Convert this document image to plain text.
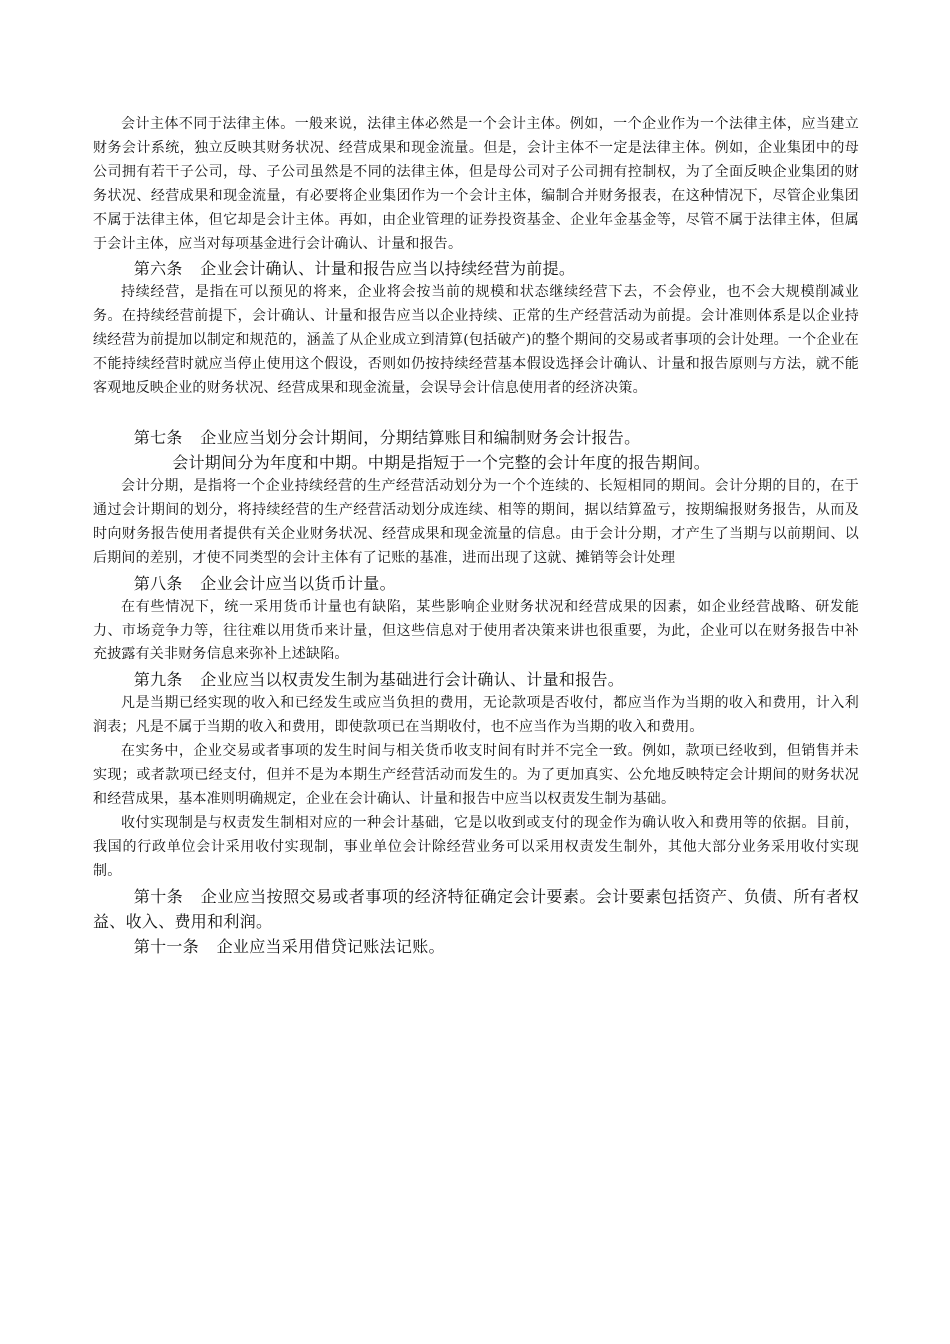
会计主体不同于法律主体。一般来说，法律主体必然是一个会计主体。例如，一个企业作为一个法律主体，应当建立财务会计系统，独立反映其财务状况、经营成果和现金流量。但是，会计主体不一定是法律主体。例如，企业集团中的母公司拥有若干子公司，母、子公司虽然是不同的法律主体，但是母公司对子公司拥有控制权，为了全面反映企业集团的财务状况、经营成果和现金流量，有必要将企业集团作为一个会计主体，编制合并财务报表，在这种情况下，尽管企业集团不属于法律主体，但它却是会计主体。再如，由企业管理的证券投资基金、企业年金基金等，尽管不属于法律主体，但属于会计主体，应当对每项基金进行会计确认、计量和报告。

第六条 企业会计确认、计量和报告应当以持续经营为前提。

持续经营，是指在可以预见的将来，企业将会按当前的规模和状态继续经营下去，不会停业，也不会大规模削减业务。在持续经营前提下，会计确认、计量和报告应当以企业持续、正常的生产经营活动为前提。会计准则体系是以企业持续经营为前提加以制定和规范的，涵盖了从企业成立到清算(包括破产)的整个期间的交易或者事项的会计处理。一个企业在不能持续经营时就应当停止使用这个假设，否则如仍按持续经营基本假设选择会计确认、计量和报告原则与方法，就不能客观地反映企业的财务状况、经营成果和现金流量，会误导会计信息使用者的经济决策。

第七条 企业应当划分会计期间，分期结算账目和编制财务会计报告。

会计期间分为年度和中期。中期是指短于一个完整的会计年度的报告期间。

会计分期，是指将一个企业持续经营的生产经营活动划分为一个个连续的、长短相同的期间。会计分期的目的，在于通过会计期间的划分，将持续经营的生产经营活动划分成连续、相等的期间，据以结算盈亏，按期编报财务报告，从而及时向财务报告使用者提供有关企业财务状况、经营成果和现金流量的信息。由于会计分期，才产生了当期与以前期间、以后期间的差别，才使不同类型的会计主体有了记账的基准，进而出现了这就、摊销等会计处理

第八条 企业会计应当以货币计量。

在有些情况下，统一采用货币计量也有缺陷，某些影响企业财务状况和经营成果的因素，如企业经营战略、研发能力、市场竞争力等，往往难以用货币来计量，但这些信息对于使用者决策来讲也很重要，为此，企业可以在财务报告中补充披露有关非财务信息来弥补上述缺陷。

第九条 企业应当以权责发生制为基础进行会计确认、计量和报告。

凡是当期已经实现的收入和已经发生或应当负担的费用，无论款项是否收付，都应当作为当期的收入和费用，计入利润表；凡是不属于当期的收入和费用，即使款项已在当期收付，也不应当作为当期的收入和费用。

在实务中，企业交易或者事项的发生时间与相关货币收支时间有时并不完全一致。例如，款项已经收到，但销售并未实现；或者款项已经支付，但并不是为本期生产经营活动而发生的。为了更加真实、公允地反映特定会计期间的财务状况和经营成果，基本准则明确规定，企业在会计确认、计量和报告中应当以权责发生制为基础。

收付实现制是与权责发生制相对应的一种会计基础，它是以收到或支付的现金作为确认收入和费用等的依据。目前，我国的行政单位会计采用收付实现制，事业单位会计除经营业务可以采用权责发生制外，其他大部分业务采用收付实现制。

第十条 企业应当按照交易或者事项的经济特征确定会计要素。会计要素包括资产、负债、所有者权益、收入、费用和利润。

第十一条 企业应当采用借贷记账法记账。
